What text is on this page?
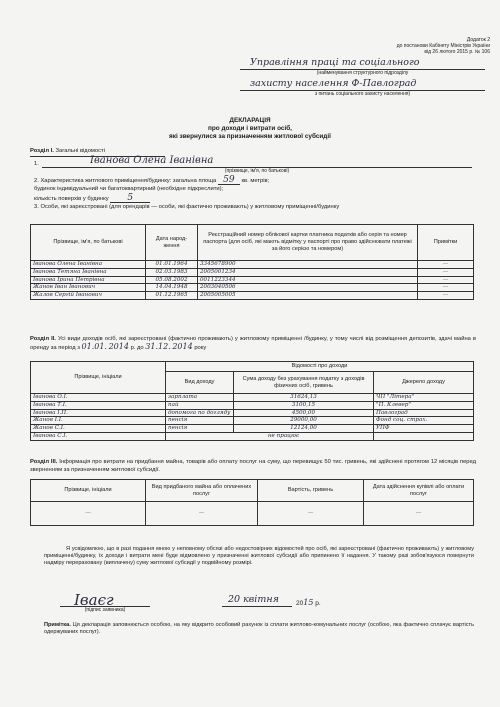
Додаток 2
до постанови Кабінету Міністрів України
від 26 лютого 2015 р. № 106
Управління праці та соціального
(найменування структурного підрозділу
захисту населення Ф-Павлоград
з питань соціального захисту населення)
ДЕКЛАРАЦІЯ
про доходи і витрати осіб,
які звернулися за призначенням житлової субсидії
Розділ І. Загальні відомості
1.	Іванова Олена Іванівна
(прізвище, ім'я, по батькові)
2. Характеристика житлового приміщення/будинку: загальна площа 59 кв. метрів;
будинок індивідуальний чи багатоквартирний (необхідне підкреслити);
кількість поверхів у будинку 5
3. Особи, які зареєстровані (для орендарів — особи, які фактично проживають) у житловому приміщенні/будинку
Прізвище, ім'я, по батькові	Дата народ-ження	Реєстраційний номер облікової картки платника податків або серія та номер паспорта (для осіб, які мають відмітку у паспорті про право здійснювати платежі за його серією та номером)	Примітки
Іванова Олена Іванівна	01.01.1964	3345678900	—
Іванова Тетяна Іванівна	02.03.1983	2005001234	—
Іванова Ірина Петрівна	05.08.2002	0011223344	—
Жанов Іван Іванович	14.04.1948	2003040506	—
Жалов Сергій Іванович	01.12.1965	2005005005	—
Розділ ІІ. Усі види доходів осіб, які зареєстровані (фактично проживають) у житловому приміщенні /будинку, у тому числі від розміщення депозитів, здачі майна в оренду за період з 01.01. 2014 р. до 31.12. 2014 року
Прізвище, ініціали	Відомості про доходи		
	Вид доходу	Сума доходу без урахування податку з доходів фізичних осіб, гривень	Джерело доходу
Іванова О.І.	зарплата	31624,13	ЧП "Літера"
Іванова Т.І.	пай	3100,15	"П. Клевер"
Іванова І.П.	допомога по догляду	4500,00	Павлоград
Жанов І.І.	пенсія	29000,00	Фонд соц. страх.
Жанов С.І.	пенсія	12124,00	УПФ
Іванова С.І.	не працює		
Розділ ІІІ. Інформація про витрати на придбання майна, товарів або оплату послуг на суму, що перевищує 50 тис. гривень, які здійснені протягом 12 місяців перед зверненням за призначенням житлової субсидії.
Прізвище, ініціали	Вид придбаного майна або оплачених послуг	Вартість, гривень	Дата здійснення купівлі або оплати послуг
—	—	—	—
Я усвідомлюю, що в разі подання мною у неповному обсязі або недостовірних відомостей про осіб, які зареєстровані (фактично проживають) у житловому приміщенні/будинку, їх доходи і витрати мені буде відмовлено у призначенні житлової субсидії або припинено її надання. У такому разі зобов'язуюся повернути надміру перераховану (виплачену) суму житлової субсидії у подвійному розмірі.
Іваєг
(підпис заявника)
20 квітня	2015 р.
Примітка. Ця декларація заповнюється особою, на яку відкрито особовий рахунок із сплати житлово-комунальних послуг (особою, яка фактично сплачує вартість одержуваних послуг).
